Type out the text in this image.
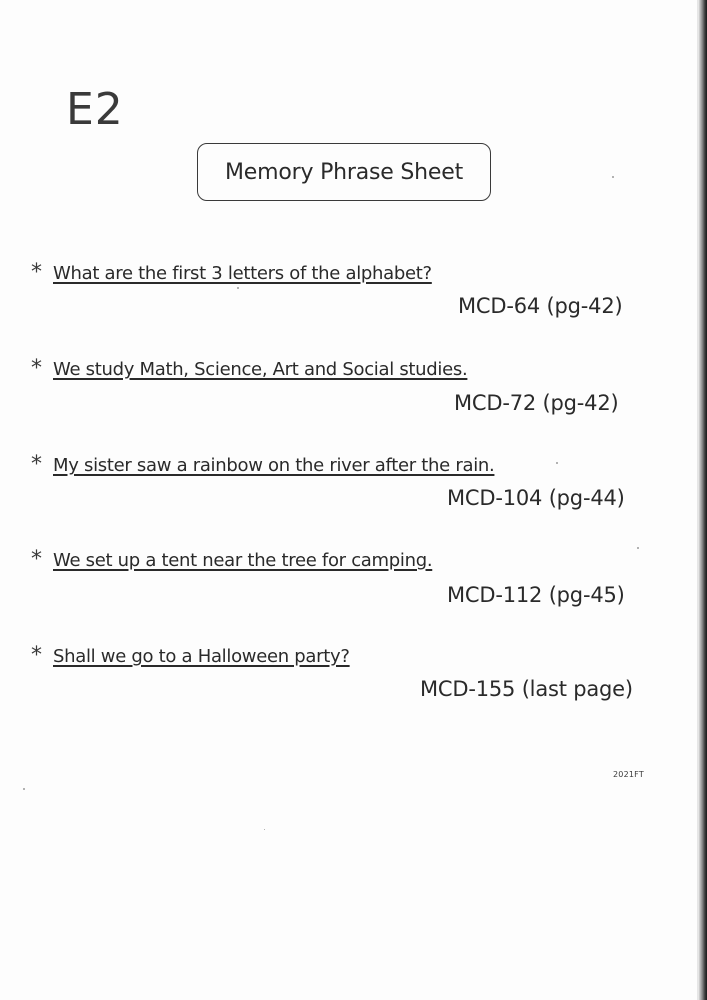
E2
Memory Phrase Sheet
* What are the first 3 letters of the alphabet?
MCD-64 (pg-42)
* We study Math, Science, Art and Social studies.
MCD-72 (pg-42)
* My sister saw a rainbow on the river after the rain.
MCD-104 (pg-44)
* We set up a tent near the tree for camping.
MCD-112 (pg-45)
* Shall we go to a Halloween party?
MCD-155 (last page)
2021FT
